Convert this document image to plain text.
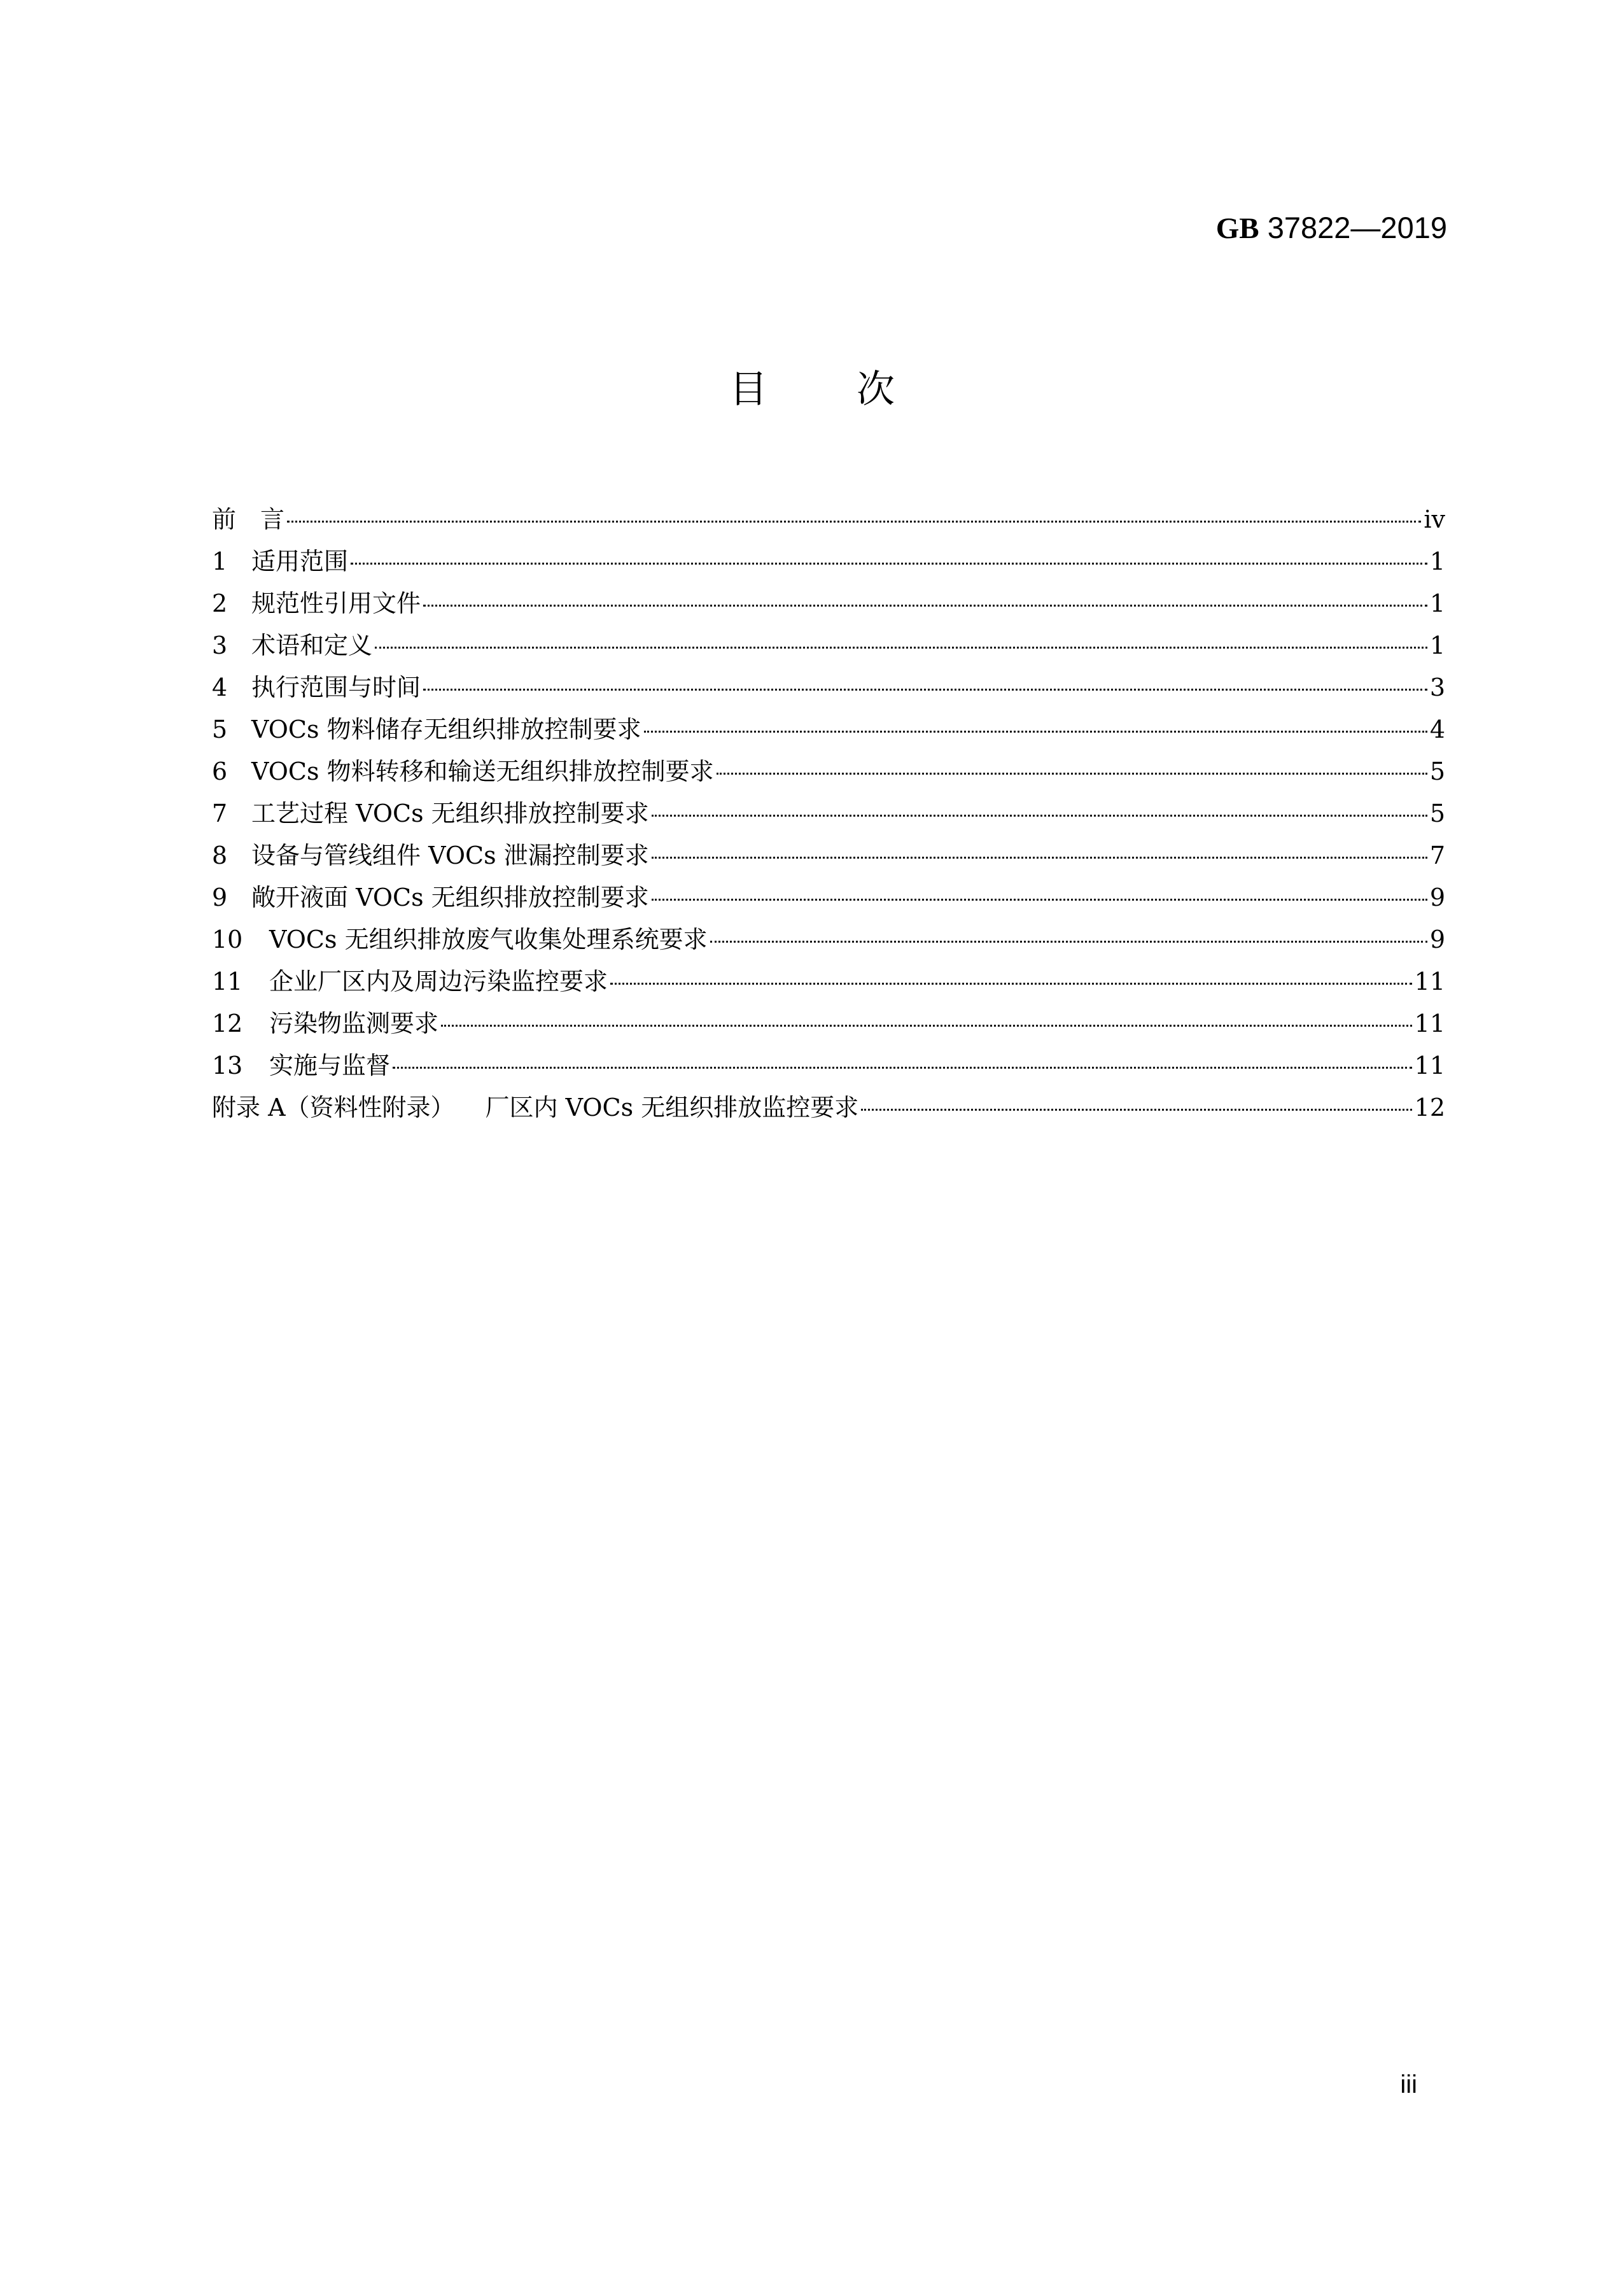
GB 37822—2019
目次
前　言	iv
1 适用范围	1
2 规范性引用文件	1
3 术语和定义	1
4 执行范围与时间	3
5 VOCs 物料储存无组织排放控制要求	4
6 VOCs 物料转移和输送无组织排放控制要求	5
7 工艺过程 VOCs 无组织排放控制要求	5
8 设备与管线组件 VOCs 泄漏控制要求	7
9 敞开液面 VOCs 无组织排放控制要求	9
10	VOCs 无组织排放废气收集处理系统要求	9
11	企业厂区内及周边污染监控要求	11
12	污染物监测要求	11
13	实施与监督	11
附录 A（资料性附录） 厂区内 VOCs 无组织排放监控要求	12
iii
